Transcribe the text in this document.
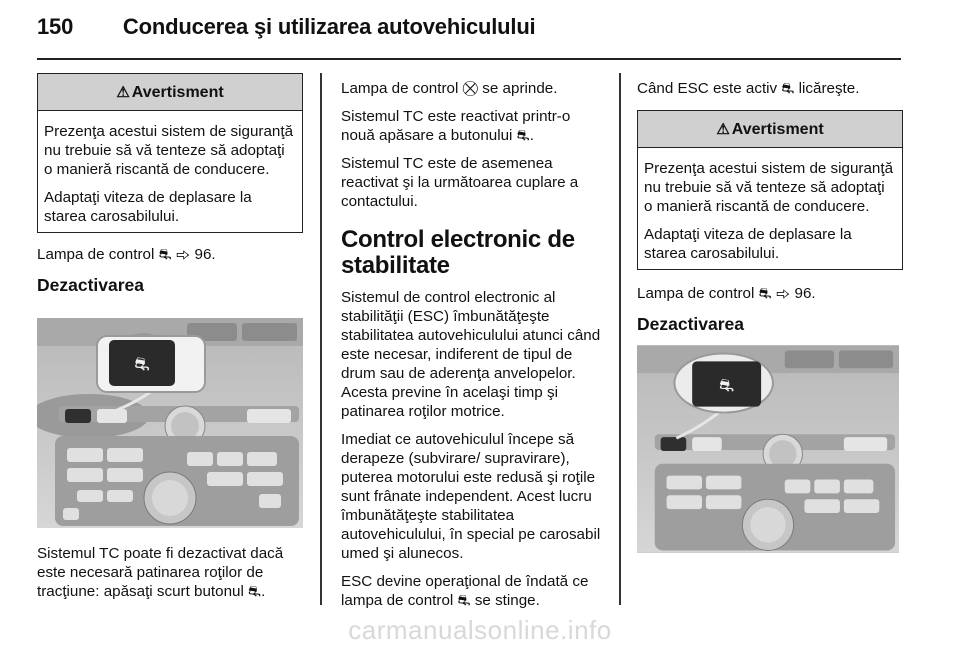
150 Conducerea şi utilizarea autovehiculului
⚠ Avertisment

Prezenţa acestui sistem de siguranţă nu trebuie să vă tenteze să adoptaţi o manieră riscantă de conducere.

Adaptaţi viteza de deplasare la starea carosabilului.

Lampa de control ⛐ ⇨ 96.

Dezactivarea

⛐

Sistemul TC poate fi dezactivat dacă este necesară patinarea roţilor de tracţiune: apăsaţi scurt butonul ⛐.

Lampa de control ⛒ se aprinde.

Sistemul TC este reactivat printr-o nouă apăsare a butonului ⛐.

Sistemul TC este de asemenea reactivat şi la următoarea cuplare a contactului.

Control electronic de stabilitate

Sistemul de control electronic al stabilităţii (ESC) îmbunătăţeşte stabilitatea autovehiculului atunci când este necesar, indiferent de tipul de drum sau de aderenţa anvelopelor. Acesta previne în acelaşi timp şi patinarea roţilor motrice.

Imediat ce autovehiculul începe să derapeze (subvirare/ supravirare), puterea motorului este redusă şi roţile sunt frânate independent. Acest lucru îmbunătăţeşte stabilitatea autovehiculului, în special pe carosabil umed şi alunecos.

ESC devine operaţional de îndată ce lampa de control ⛐ se stinge.

Când ESC este activ ⛐ licăreşte.

⚠ Avertisment

Prezenţa acestui sistem de siguranţă nu trebuie să vă tenteze să adoptaţi o manieră riscantă de conducere.

Adaptaţi viteza de deplasare la starea carosabilului.

Lampa de control ⛐ ⇨ 96.

Dezactivarea

⛐
carmanualsonline.info
